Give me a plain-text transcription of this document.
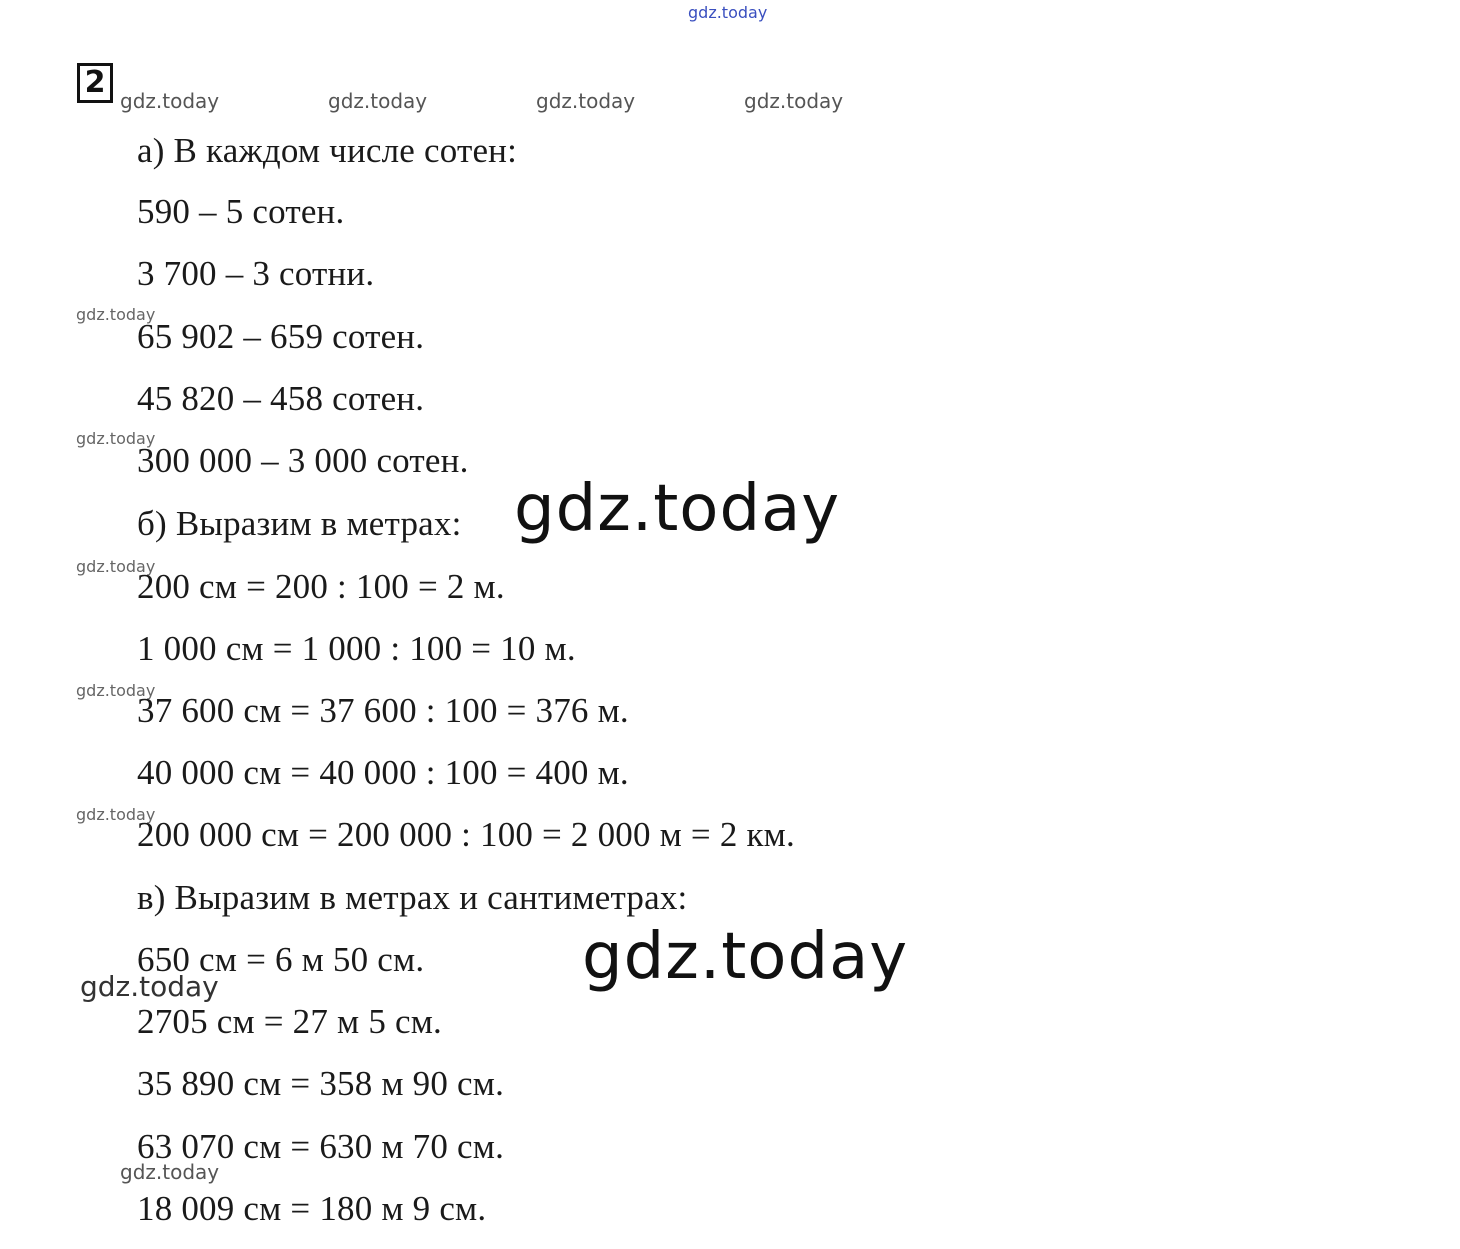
gdz.today
gdz.today	gdz.today	gdz.today	gdz.today
gdz.today
gdz.today
gdz.today
gdz.today
gdz.today
gdz.today
gdz.today
2
а) В каждом числе сотен:
590 – 5 сотен.
3 700 – 3 сотни.
65 902 – 659 сотен.
45 820 – 458 сотен.
300 000 – 3 000 сотен.
б) Выразим в метрах:
200 см = 200 : 100 = 2 м.
1 000 см = 1 000 : 100 = 10 м.
37 600 см = 37 600 : 100 = 376 м.
40 000 см = 40 000 : 100 = 400 м.
200 000 см = 200 000 : 100 = 2 000 м = 2 км.
в) Выразим в метрах и сантиметрах:
650 см = 6 м 50 см.
2705 см = 27 м 5 см.
35 890 см = 358 м 90 см.
63 070 см = 630 м 70 см.
18 009 см = 180 м 9 см.
gdz.today
gdz.today
